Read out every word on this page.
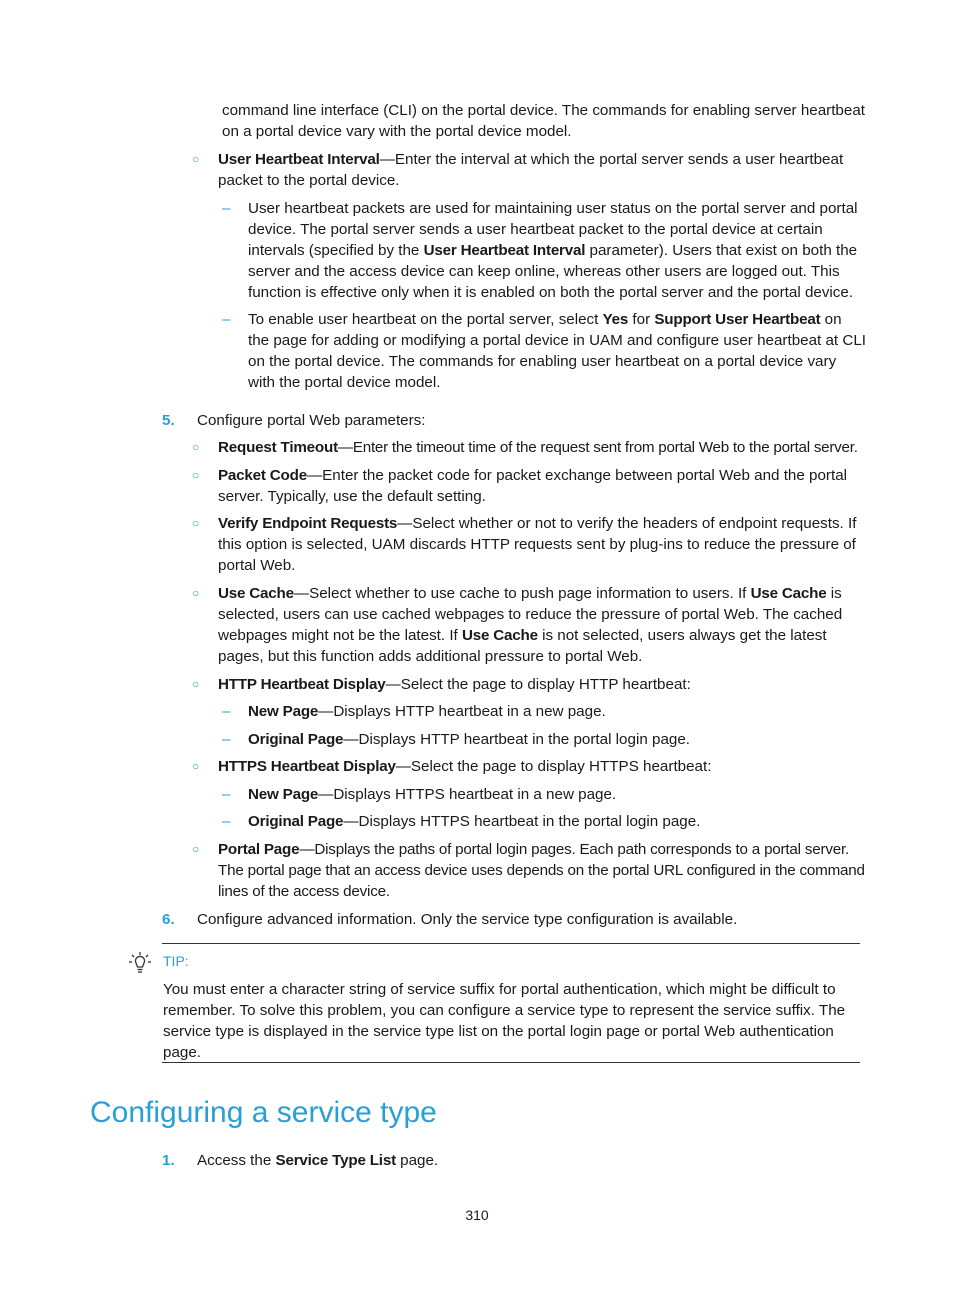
command line interface (CLI) on the portal device. The commands for enabling server heartbeat on a portal device vary with the portal device model.
○ User Heartbeat Interval—Enter the interval at which the portal server sends a user heartbeat packet to the portal device.
– User heartbeat packets are used for maintaining user status on the portal server and portal device. The portal server sends a user heartbeat packet to the portal device at certain intervals (specified by the User Heartbeat Interval parameter). Users that exist on both the server and the access device can keep online, whereas other users are logged out. This function is effective only when it is enabled on both the portal server and the portal device.
– To enable user heartbeat on the portal server, select Yes for Support User Heartbeat on the page for adding or modifying a portal device in UAM and configure user heartbeat at CLI on the portal device. The commands for enabling user heartbeat on a portal device vary with the portal device model.
5. Configure portal Web parameters:
○ Request Timeout—Enter the timeout time of the request sent from portal Web to the portal server.
○ Packet Code—Enter the packet code for packet exchange between portal Web and the portal server. Typically, use the default setting.
○ Verify Endpoint Requests—Select whether or not to verify the headers of endpoint requests. If this option is selected, UAM discards HTTP requests sent by plug-ins to reduce the pressure of portal Web.
○ Use Cache—Select whether to use cache to push page information to users. If Use Cache is selected, users can use cached webpages to reduce the pressure of portal Web. The cached webpages might not be the latest. If Use Cache is not selected, users always get the latest pages, but this function adds additional pressure to portal Web.
○ HTTP Heartbeat Display—Select the page to display HTTP heartbeat:
– New Page—Displays HTTP heartbeat in a new page.
– Original Page—Displays HTTP heartbeat in the portal login page.
○ HTTPS Heartbeat Display—Select the page to display HTTPS heartbeat:
– New Page—Displays HTTPS heartbeat in a new page.
– Original Page—Displays HTTPS heartbeat in the portal login page.
○ Portal Page—Displays the paths of portal login pages. Each path corresponds to a portal server. The portal page that an access device uses depends on the portal URL configured in the command lines of the access device.
6. Configure advanced information. Only the service type configuration is available.
TIP:
You must enter a character string of service suffix for portal authentication, which might be difficult to remember. To solve this problem, you can configure a service type to represent the service suffix. The service type is displayed in the service type list on the portal login page or portal Web authentication page.
Configuring a service type
1. Access the Service Type List page.
310
